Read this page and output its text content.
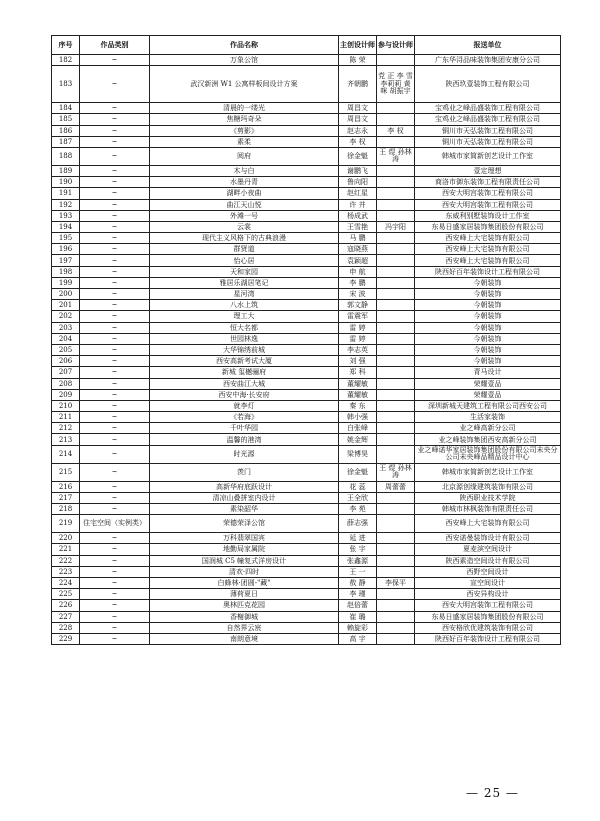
序号	作品类别	作品名称	主创设计师	参与设计师	报送单位
182	~	万象公馆	陈 荣		广东华浔品味装饰集团安康分公司
183	~	武汉新洲 W1 公寓样板间设计方案	齐朝鹏	党 正 李 雪 李莉莉 黄 咪 胡振宇	陕西玖壹装饰工程有限公司
184	~	清晨的一缕光	周昌文		宝鸡业之峰品盛装饰工程有限公司
185	~	焦糖玛奇朵	周昌文		宝鸡业之峰品盛装饰工程有限公司
186	~	《剪影》	赵志永	李 权	铜川市天弘装饰工程有限公司
187	~	素柔	李 权		铜川市天弘装饰工程有限公司
188	~	阅府	徐金魁	王 煜 孙林涛	韩城市家简新创艺设计工作室
189	~	木与白	谢鹏飞		壹定理想
190	~	水墨丹青	鲁向阳		商洛市御东装饰工程有限责任公司
191	~	湖畔小夜曲	赵红星		西安大明宫装饰工程有限公司
192	~	曲江天山悦	许 井		西安大明宫装饰工程有限公司
193	~	外滩一号	杨成武		东威利别墅装饰设计工作室
194	~	云裳	王雪艳	冯宇阳	东易日盛家居装饰集团股份有限公司
195	~	现代主义风格下的古典浪漫	马 鹏		西安峰上大宅装饰有限公司
196	~	群贤道	寇晓燕		西安峰上大宅装饰有限公司
197	~	怡心居	袁颖超		西安峰上大宅装饰有限公司
198	~	天和家园	申 航		陕西好百年装饰设计工程有限公司
199	~	雅居乐湖居笔记	李 鹏		今朝装饰
200	~	星河湾	宋 波		今朝装饰
201	~	八水上筑	郭文静		今朝装饰
202	~	理工大	雷震军		今朝装饰
203	~	恒大名都	雷 婷		今朝装饰
204	~	世园林逸	雷 婷		今朝装饰
205	~	大华锦绣前城	李志英		今朝装饰
206	~	西安高新考试大厦	刘 强		今朝装饰
207	~	新城 玺樾骊府	郑 科		青马设计
208	~	西安曲江大城	董耀敏		荣耀壹品
209	~	西安中海·长安府	董耀敏		荣耀壹品
210	~	就李灯	秦 东		深圳新城天建筑工程有限公司西安公司
211	~	《若海》	韩小强		生活家装饰
212	~	千叶华园	白张峰		业之峰高新分公司
213	~	温馨的港湾	姚金辉		业之峰装饰集团西安高新分公司
214	~	时光源	梁博昊		业之峰诺华家居装饰集团股份有限公司未央分公司未央峰品精品设计中心
215	~	羡门	徐金魁	王 煜 孙林涛	韩城市家简新创艺设计工作室
216	~	高新华府底跃设计	花 蕊	周蕾蕾	北京源创缘建筑装饰有限公司
217	~	清凉山叠拼室内设计	王全欣		陕西职业技术学院
218	~	素染韶华	李 苑		韩城市林枫装饰有限责任公司
219	住宅空间（实例类）	荣德荣泽公馆	薛志强		西安峰上大宅装饰有限公司
220	~	万科翡翠国宾	延 进		西安诺曼装饰设计有限公司
221	~	地勤局家属院	张 宇		夏麦滨空间设计
222	~	国润城 C5 幢复式洋房设计	张鑫源		陕西素造空间设计有限公司
223	~	清欢·四时	王 一		西野空间设计
224	~	白蜂林·团圆-"藏"	敖 静	李保平	宣空间设计
225	~	薄荷夏日	李 瑾		西安异构设计
226	~	奥林匹克花园	赵倍蕾		西安大明宫装饰工程有限公司
227	~	香榭御城	崔 璐		东易日盛家居装饰集团股份有限公司
228	~	自然界云宸	赖旋彩		西安格欣优建筑装饰有限公司
229	~	南朗意境	高 宇		陕西好百年装饰设计工程有限公司
— 25 —
